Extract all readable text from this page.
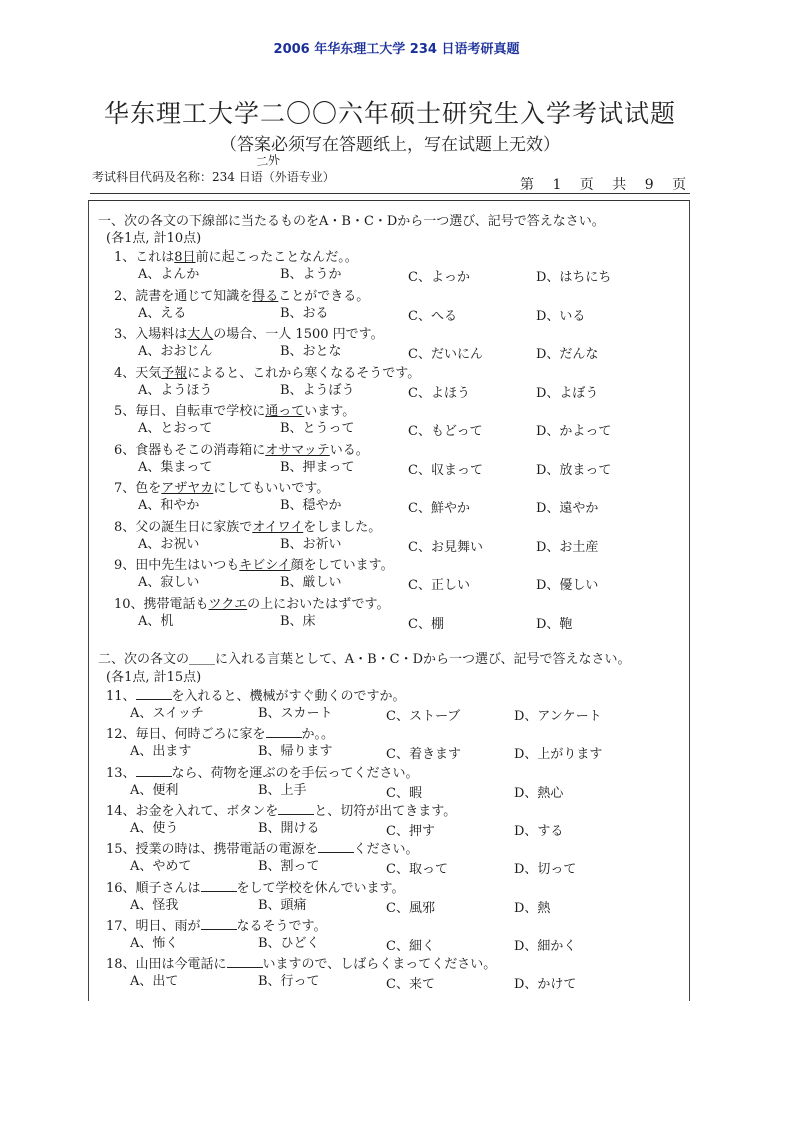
2006 年华东理工大学 234 日语考研真题
华东理工大学二〇〇六年硕士研究生入学考试试题
（答案必须写在答题纸上，写在试题上无效）
二外
考试科目代码及名称：234 日语（外语专业）	第 1 页 共 9 页
一、次の各文の下線部に当たるものをA・B・C・Dから一つ選び、記号で答えなさい。
(各1点, 計10点)
1、これは8日前に起こったことなんだ。。
A、よんか	B、ようか	C、よっか	D、はちにち
2、読書を通じて知識を得ることができる。
A、える	B、おる	C、へる	D、いる
3、入場料は大人の場合、一人 1500 円です。
A、おおじん	B、おとな	C、だいにん	D、だんな
4、天気予報によると、これから寒くなるそうです。
A、ようほう	B、ようぼう	C、よほう	D、よぼう
5、毎日、自転車で学校に通っています。
A、とおって	B、とうって	C、もどって	D、かよって
6、食器もそこの消毒箱にオサマッテいる。
A、集まって	B、押まって	C、収まって	D、放まって
7、色をアザヤカにしてもいいです。
A、和やか	B、穏やか	C、鮮やか	D、遠やか
8、父の誕生日に家族でオイワイをしました。
A、お祝い	B、お祈い	C、お見舞い	D、お土産
9、田中先生はいつもキビシイ顔をしています。
A、寂しい	B、厳しい	C、正しい	D、優しい
10、携帯電話もツクエの上においたはずです。
A、机	B、床	C、棚	D、鞄
二、次の各文の＿＿に入れる言葉として、A・B・C・Dから一つ選び、記号で答えなさい。
(各1点, 計15点)
11、	を入れると、機械がすぐ動くのですか。
A、スイッチ	B、スカート	C、ストーブ	D、アンケート
12、毎日、何時ごろに家を	か。。
A、出ます	B、帰ります	C、着きます	D、上がります
13、	なら、荷物を運ぶのを手伝ってください。
A、便利	B、上手	C、暇	D、熱心
14、お金を入れて、ボタンを	と、切符が出てきます。
A、使う	B、開ける	C、押す	D、する
15、授業の時は、携帯電話の電源を	ください。
A、やめて	B、割って	C、取って	D、切って
16、順子さんは	をして学校を休んでいます。
A、怪我	B、頭痛	C、風邪	D、熱
17、明日、雨が	なるそうです。
A、怖く	B、ひどく	C、細く	D、細かく
18、山田は今電話に	いますので、しばらくまってください。
A、出て	B、行って	C、来て	D、かけて
